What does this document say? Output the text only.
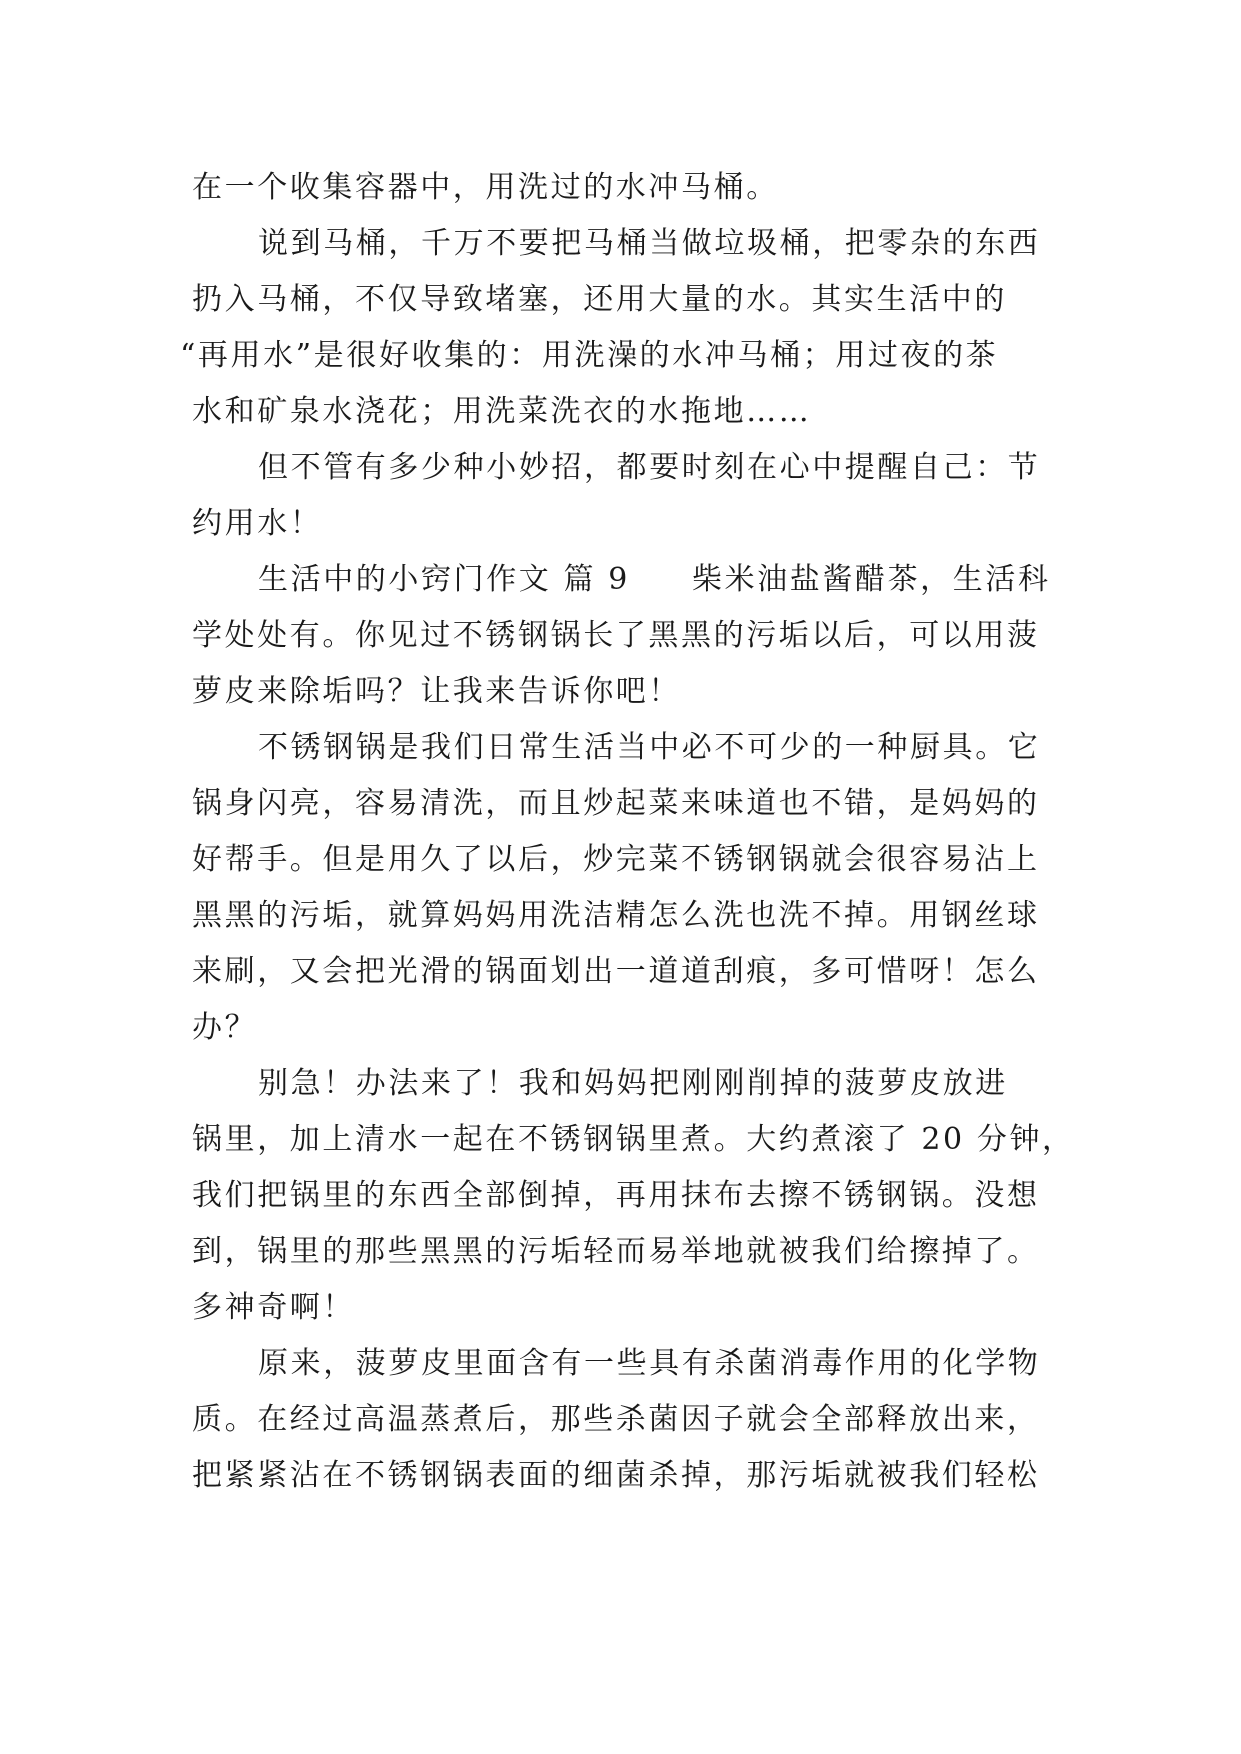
在一个收集容器中，用洗过的水冲马桶。
说到马桶，千万不要把马桶当做垃圾桶，把零杂的东西
扔入马桶，不仅导致堵塞，还用大量的水。其实生活中的
“再用水”是很好收集的：用洗澡的水冲马桶；用过夜的茶
水和矿泉水浇花；用洗菜洗衣的水拖地……
但不管有多少种小妙招，都要时刻在心中提醒自己：节
约用水！
生活中的小窍门作文 篇 9 柴米油盐酱醋茶，生活科
学处处有。你见过不锈钢锅长了黑黑的污垢以后，可以用菠
萝皮来除垢吗？让我来告诉你吧！
不锈钢锅是我们日常生活当中必不可少的一种厨具。它
锅身闪亮，容易清洗，而且炒起菜来味道也不错，是妈妈的
好帮手。但是用久了以后，炒完菜不锈钢锅就会很容易沾上
黑黑的污垢，就算妈妈用洗洁精怎么洗也洗不掉。用钢丝球
来刷，又会把光滑的锅面划出一道道刮痕，多可惜呀！怎么
办？
别急！办法来了！我和妈妈把刚刚削掉的菠萝皮放进
锅里，加上清水一起在不锈钢锅里煮。大约煮滚了 20 分钟，
我们把锅里的东西全部倒掉，再用抹布去擦不锈钢锅。没想
到，锅里的那些黑黑的污垢轻而易举地就被我们给擦掉了。
多神奇啊！
原来，菠萝皮里面含有一些具有杀菌消毒作用的化学物
质。在经过高温蒸煮后，那些杀菌因子就会全部释放出来，
把紧紧沾在不锈钢锅表面的细菌杀掉，那污垢就被我们轻松
